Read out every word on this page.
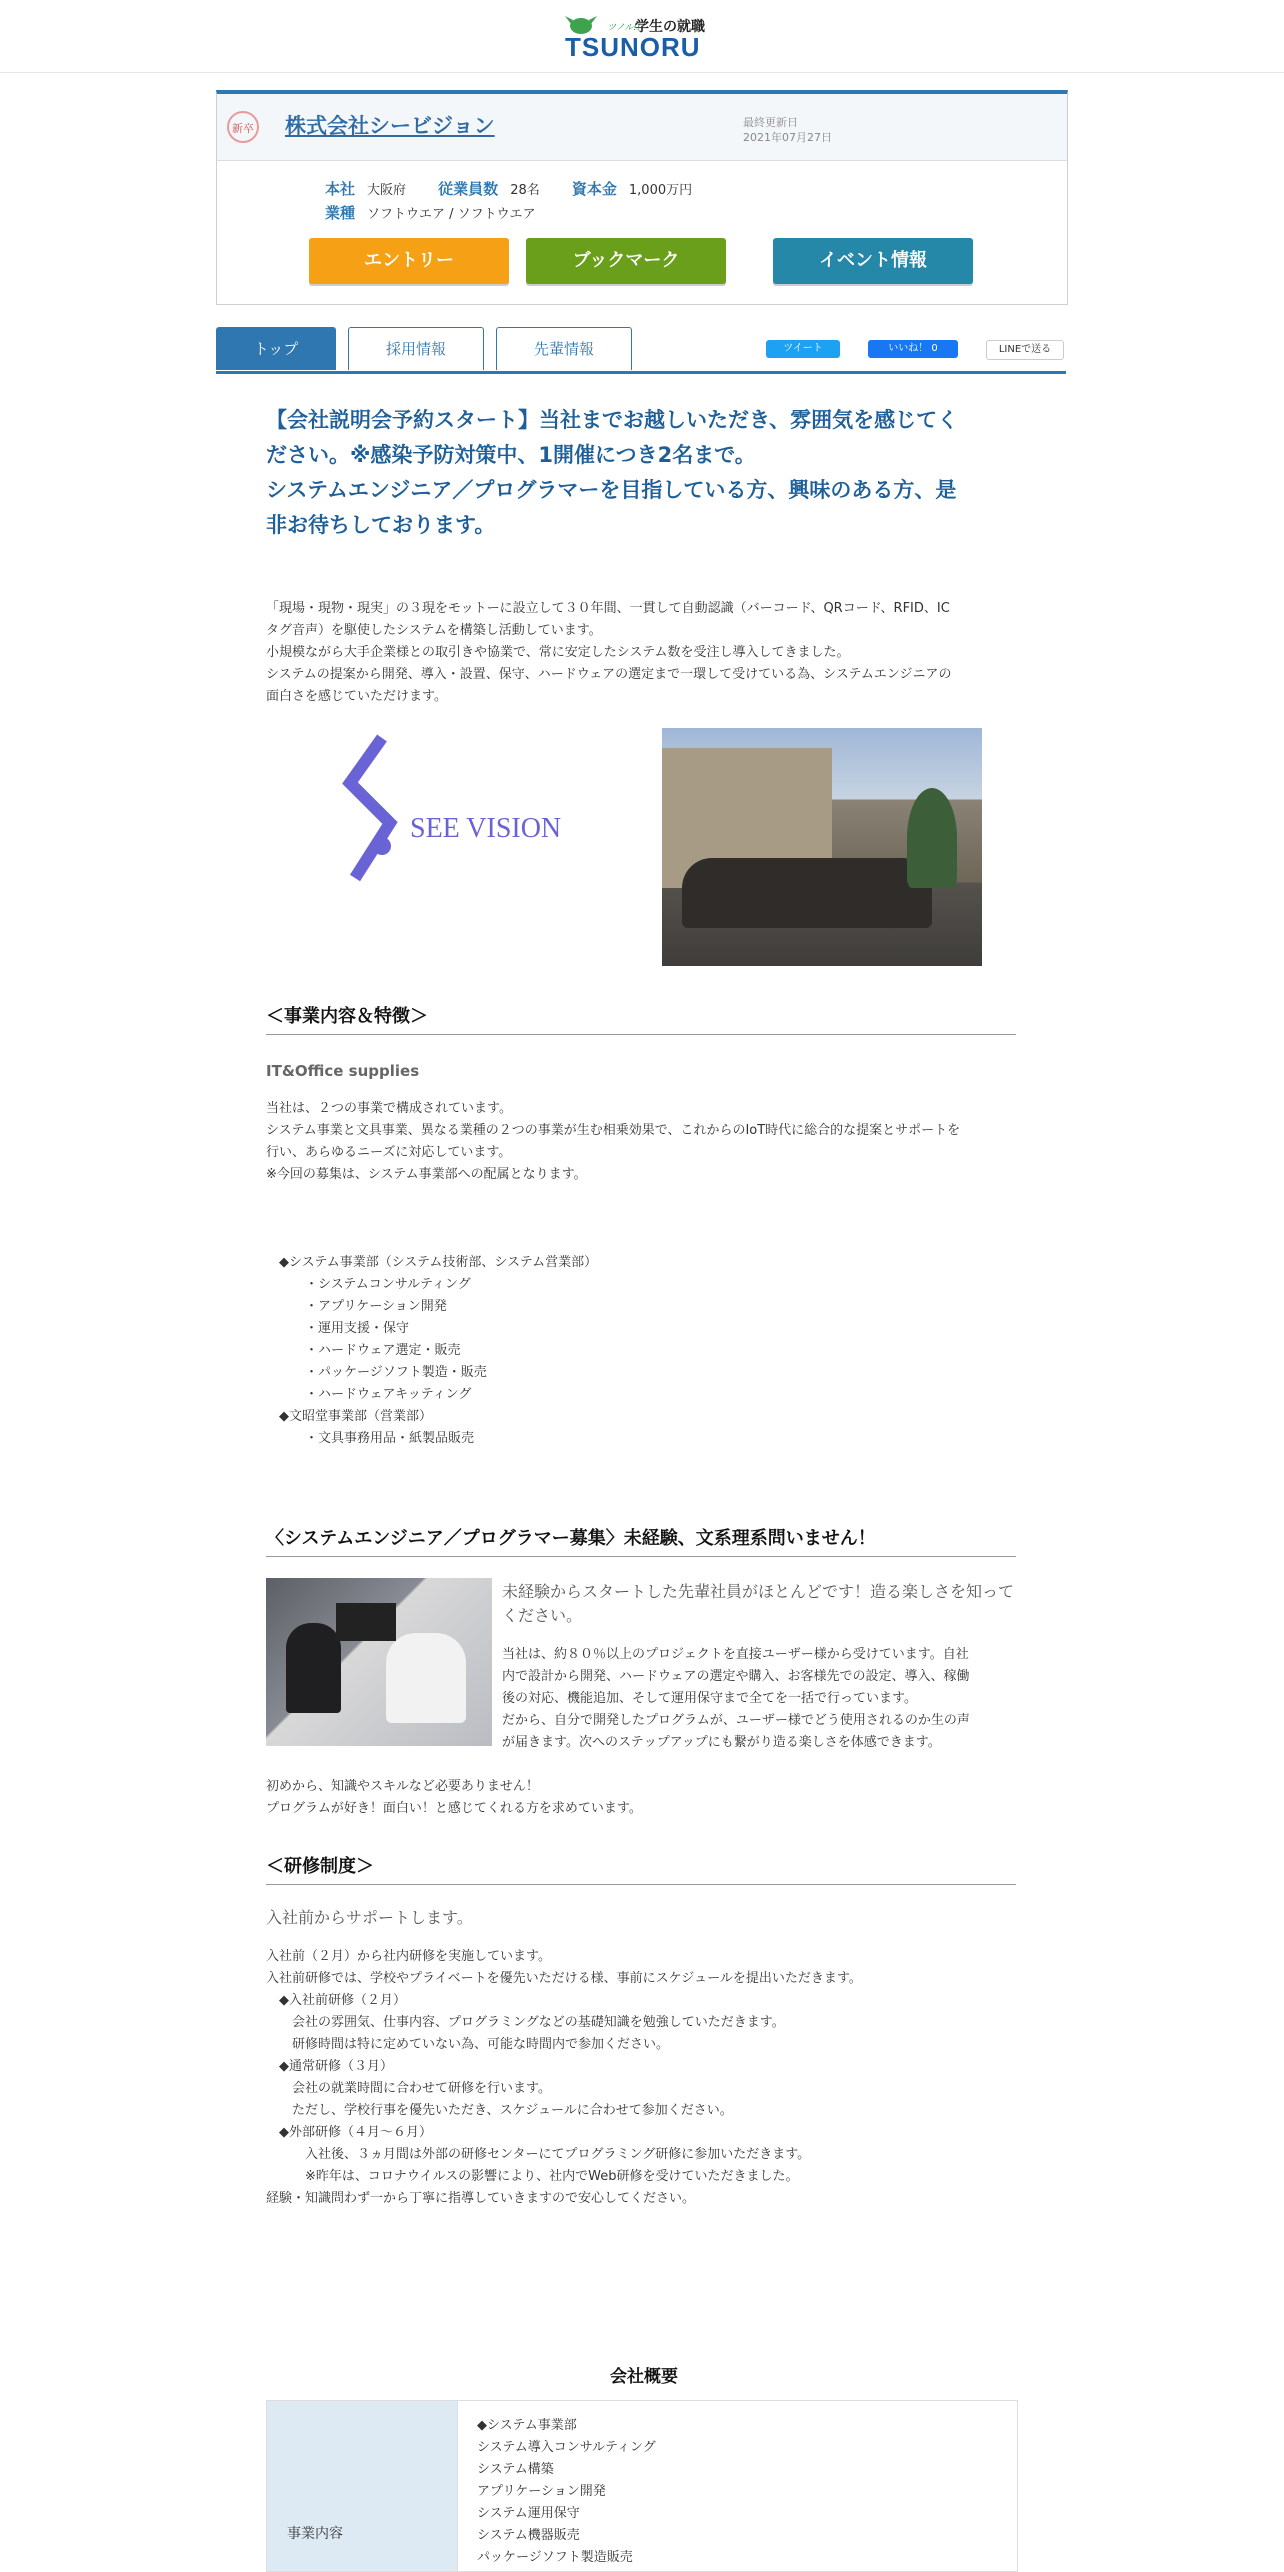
ツノル!!
学生の就職
TSUNORU
新卒 株式会社シービジョン	最終更新日
2021年07月27日
本社 大阪府 従業員数 28名 資本金 1,000万円
業種 ソフトウエア / ソフトウエア
エントリー	ブックマーク	イベント情報
トップ	採用情報	先輩情報	ツイート	いいね！ 0	LINEで送る
【会社説明会予約スタート】当社までお越しいただき、雰囲気を感じてく
ださい。※感染予防対策中、1開催につき2名まで。
システムエンジニア／プログラマーを目指している方、興味のある方、是
非お待ちしております。
「現場・現物・現実」の３現をモットーに設立して３０年間、一貫して自動認識（バーコード、QRコード、RFID、IC
タグ音声）を駆使したシステムを構築し活動しています。
小規模ながら大手企業様との取引きや協業で、常に安定したシステム数を受注し導入してきました。
システムの提案から開発、導入・設置、保守、ハードウェアの選定まで一環して受けている為、システムエンジニアの
面白さを感じていただけます。
SEE VISION
＜事業内容＆特徴＞
IT&Office supplies
当社は、２つの事業で構成されています。
システム事業と文具事業、異なる業種の２つの事業が生む相乗効果で、これからのIoT時代に総合的な提案とサポートを
行い、あらゆるニーズに対応しています。
※今回の募集は、システム事業部への配属となります。
　◆システム事業部（システム技術部、システム営業部）
　　　・システムコンサルティング
　　　・アプリケーション開発
　　　・運用支援・保守
　　　・ハードウェア選定・販売
　　　・パッケージソフト製造・販売
　　　・ハードウェアキッティング
　◆文昭堂事業部（営業部）
　　　・文具事務用品・紙製品販売
〈システムエンジニア／プログラマー募集〉未経験、文系理系問いません！
未経験からスタートした先輩社員がほとんどです！造る楽しさを知って
ください。
当社は、約８０％以上のプロジェクトを直接ユーザー様から受けています。自社
内で設計から開発、ハードウェアの選定や購入、お客様先での設定、導入、稼働
後の対応、機能追加、そして運用保守まで全てを一括で行っています。
だから、自分で開発したプログラムが、ユーザー様でどう使用されるのか生の声
が届きます。次へのステップアップにも繋がり造る楽しさを体感できます。
初めから、知識やスキルなど必要ありません！
プログラムが好き！面白い！と感じてくれる方を求めています。
＜研修制度＞
入社前からサポートします。
入社前（２月）から社内研修を実施しています。
入社前研修では、学校やプライベートを優先いただける様、事前にスケジュールを提出いただきます。
　◆入社前研修（２月）
　　会社の雰囲気、仕事内容、プログラミングなどの基礎知識を勉強していただきます。
　　研修時間は特に定めていない為、可能な時間内で参加ください。
　◆通常研修（３月）
　　会社の就業時間に合わせて研修を行います。
　　ただし、学校行事を優先いただき、スケジュールに合わせて参加ください。
　◆外部研修（４月～６月）
　　　入社後、３ヵ月間は外部の研修センターにてプログラミング研修に参加いただきます。
　　　※昨年は、コロナウイルスの影響により、社内でWeb研修を受けていただきました。
経験・知識問わず一から丁寧に指導していきますので安心してください。
会社概要
事業内容
◆システム事業部
システム導入コンサルティング
システム構築
アプリケーション開発
システム運用保守
システム機器販売
パッケージソフト製造販売
